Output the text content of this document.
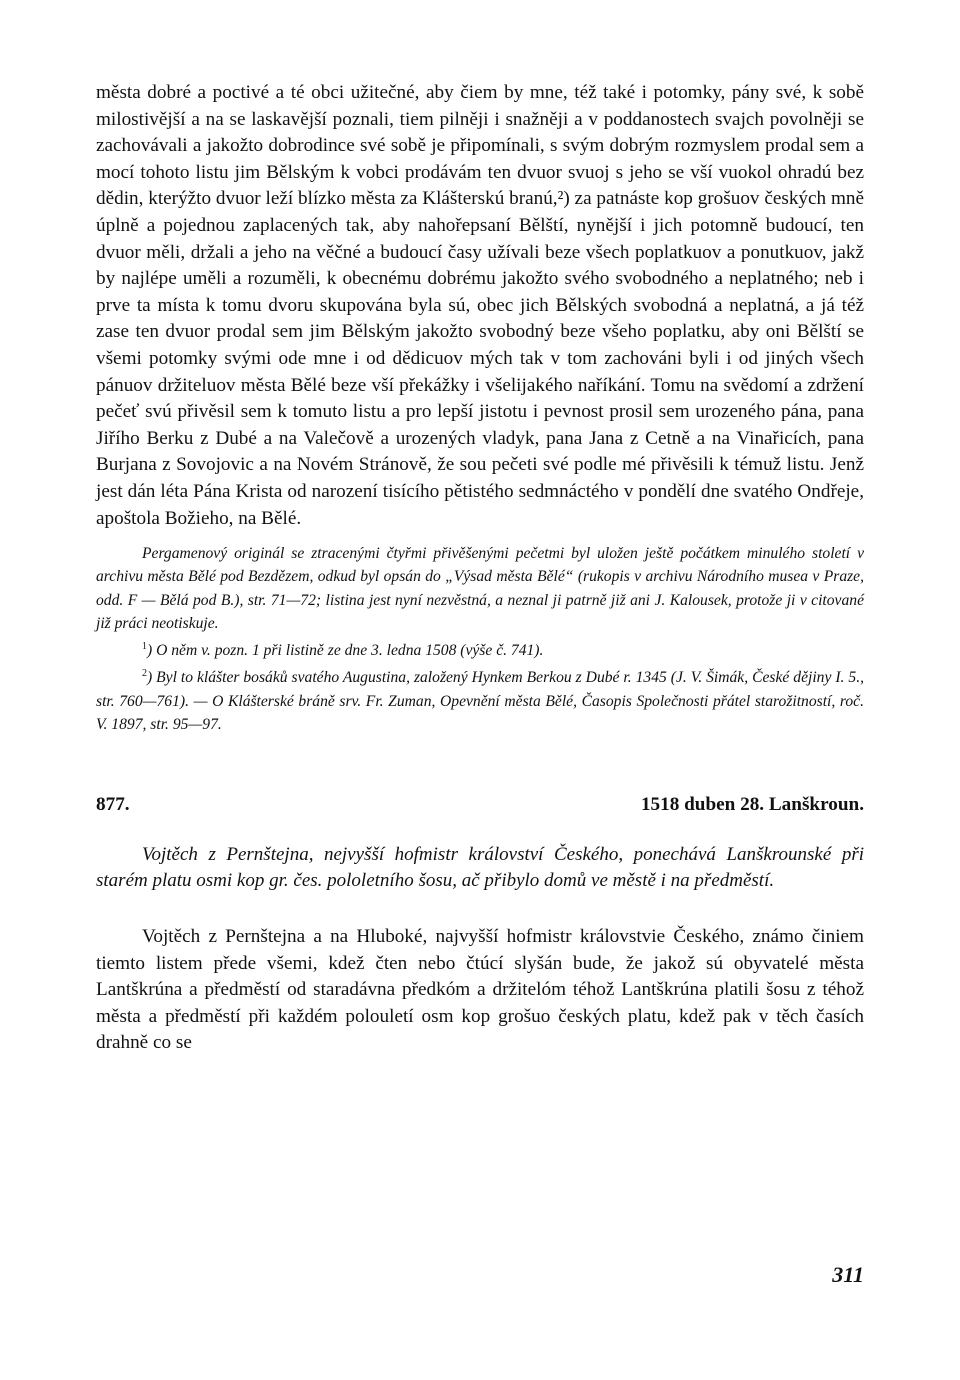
města dobré a poctivé a té obci užitečné, aby čiem by mne, též také i potomky, pány své, k sobě milostivější a na se laskavější poznali, tiem pilněji i snažněji a v poddanostech svajch povolněji se zachovávali a jakožto dobrodince své sobě je připomínali, s svým dobrým rozmyslem prodal sem a mocí tohoto listu jim Bělským k vobci prodávám ten dvuor svuoj s jeho se vší vuokol ohradú bez dědin, kterýžto dvuor leží blízko města za Klášterskú branú,²) za patnáste kop grošuov českých mně úplně a pojednou zaplacených tak, aby nahořepsaní Bělští, nynější i jich potomně budoucí, ten dvuor měli, držali a jeho na věčné a budoucí časy užívali beze všech poplatkuov a ponutkuov, jakž by najlépe uměli a rozuměli, k obecnému dobrému jakožto svého svobodného a neplatného; neb i prve ta místa k tomu dvoru skupována byla sú, obec jich Bělských svobodná a neplatná, a já též zase ten dvuor prodal sem jim Bělským jakožto svobodný beze všeho poplatku, aby oni Bělští se všemi potomky svými ode mne i od dědicuov mých tak v tom zachováni byli i od jiných všech pánuov držiteluov města Bělé beze vší překážky i všelijakého naříkání. Tomu na svědomí a zdržení pečeť svú přivěsil sem k tomuto listu a pro lepší jistotu i pevnost prosil sem urozeného pána, pana Jiřího Berku z Dubé a na Valečově a urozených vladyk, pana Jana z Cetně a na Vinařicích, pana Burjana z Sovojovic a na Novém Stránově, že sou pečeti své podle mé přivěsili k témuž listu. Jenž jest dán léta Pána Krista od narození tisícího pětistého sedmnáctého v pondělí dne svatého Ondřeje, apoštola Božieho, na Bělé.

Pergamenový originál se ztracenými čtyřmi přivěšenými pečetmi byl uložen ještě počátkem minulého století v archivu města Bělé pod Bezdězem, odkud byl opsán do „Výsad města Bělé“ (rukopis v archivu Národního musea v Praze, odd. F — Bělá pod B.), str. 71—72; listina jest nyní nezvěstná, a neznal ji patrně již ani J. Kalousek, protože ji v citované již práci neotiskuje.

$^1$) O něm v. pozn. 1 při listině ze dne 3. ledna 1508 (výše č. 741).

$^2$) Byl to klášter bosáků svatého Augustina, založený Hynkem Berkou z Dubé r. 1345 (J. V. Šimák, České dějiny I. 5., str. 760—761). — O Klášterské bráně srv. Fr. Zuman, Opevnění města Bělé, Časopis Společnosti přátel starožitností, roč. V. 1897, str. 95—97.

877.	1518 duben 28. Lanškroun.

Vojtěch z Pernštejna, nejvyšší hofmistr království Českého, ponechává Lanškrounské při starém platu osmi kop gr. čes. pololetního šosu, ač přibylo domů ve městě i na předměstí.

Vojtěch z Pernštejna a na Hluboké, najvyšší hofmistr královstvie Českého, známo činiem tiemto listem přede všemi, kdež čten nebo čtúcí slyšán bude, že jakož sú obyvatelé města Lantškrúna a předměstí od staradávna předkóm a držitelóm téhož Lantškrúna platili šosu z téhož města a předměstí při každém polouletí osm kop grošuo českých platu, kdež pak v těch časích drahně co se

311
